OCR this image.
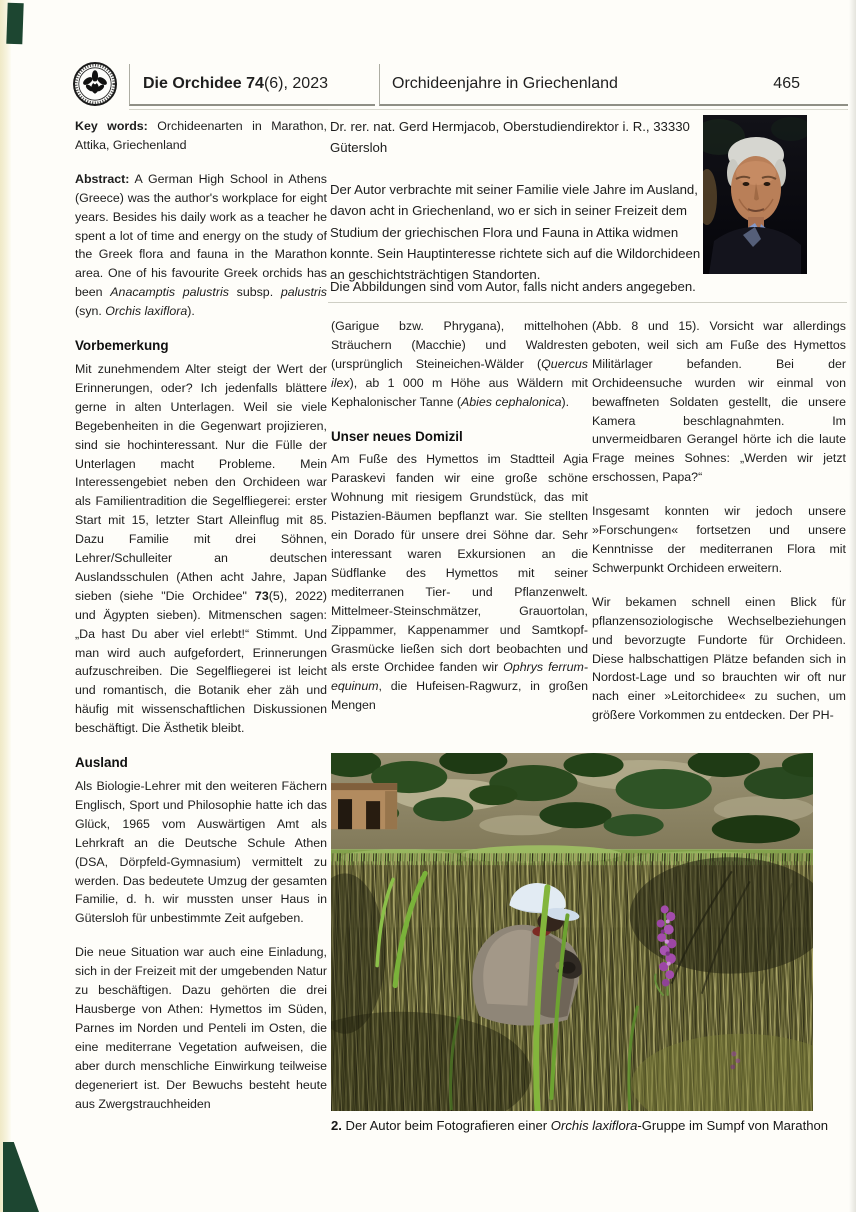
Die Orchidee 74(6), 2023	Orchideenjahre in Griechenland	465
Key words: Orchideenarten in Marathon, Attika, Griechenland
Abstract: A German High School in Athens (Greece) was the author's workplace for eight years. Besides his daily work as a teacher he spent a lot of time and energy on the study of the Greek flora and fauna in the Marathon area. One of his favourite Greek orchids has been Anacamptis palustris subsp. palustris (syn. Orchis laxiflora).
Vorbemerkung
Mit zunehmendem Alter steigt der Wert der Erinnerungen, oder? Ich jedenfalls blättere gerne in alten Unterlagen. Weil sie viele Begebenheiten in die Gegenwart projizieren, sind sie hochinteressant. Nur die Fülle der Unterlagen macht Probleme. Mein Interessengebiet neben den Orchideen war als Familientradition die Segelfliegerei: erster Start mit 15, letzter Start Alleinflug mit 85. Dazu Familie mit drei Söhnen, Lehrer/Schulleiter an deutschen Auslandsschulen (Athen acht Jahre, Japan sieben (siehe "Die Orchidee" 73(5), 2022) und Ägypten sieben). Mitmenschen sagen: „Da hast Du aber viel erlebt!“ Stimmt. Und man wird auch aufgefordert, Erinnerungen aufzuschreiben. Die Segelfliegerei ist leicht und romantisch, die Botanik eher zäh und häufig mit wissenschaftlichen Diskussionen beschäftigt. Die Ästhetik bleibt.
Ausland
Als Biologie-Lehrer mit den weiteren Fächern Englisch, Sport und Philosophie hatte ich das Glück, 1965 vom Auswärtigen Amt als Lehrkraft an die Deutsche Schule Athen (DSA, Dörpfeld-Gymnasium) vermittelt zu werden. Das bedeutete Umzug der gesamten Familie, d. h. wir mussten unser Haus in Gütersloh für unbestimmte Zeit aufgeben.
Die neue Situation war auch eine Einladung, sich in der Freizeit mit der umgebenden Natur zu beschäftigen. Dazu gehörten die drei Hausberge von Athen: Hymettos im Süden, Parnes im Norden und Penteli im Osten, die eine mediterrane Vegetation aufweisen, die aber durch menschliche Einwirkung teilweise degeneriert ist. Der Bewuchs besteht heute aus Zwergstrauchheiden
Dr. rer. nat. Gerd Hermjacob, Oberstudiendirektor i. R., 33330 Gütersloh
Der Autor verbrachte mit seiner Familie viele Jahre im Ausland, davon acht in Griechenland, wo er sich in seiner Freizeit dem Studium der griechischen Flora und Fauna in Attika widmen konnte. Sein Hauptinteresse richtete sich auf die Wildorchideen an geschichtsträchtigen Standorten.
Die Abbildungen sind vom Autor, falls nicht anders angegeben.
(Garigue bzw. Phrygana), mittelhohen Sträuchern (Macchie) und Waldresten (ursprünglich Steineichen-Wälder (Quercus ilex), ab 1 000 m Höhe aus Wäldern mit Kephalonischer Tanne (Abies cephalonica).
Unser neues Domizil
Am Fuße des Hymettos im Stadtteil Agia Paraskevi fanden wir eine große schöne Wohnung mit riesigem Grundstück, das mit Pistazien-Bäumen bepflanzt war. Sie stellten ein Dorado für unsere drei Söhne dar. Sehr interessant waren Exkursionen an die Südflanke des Hymettos mit seiner mediterranen Tier- und Pflanzenwelt. Mittelmeer-Steinschmätzer, Grauortolan, Zippammer, Kappenammer und Samtkopf-Grasmücke ließen sich dort beobachten und als erste Orchidee fanden wir Ophrys ferrum-equinum, die Hufeisen-Ragwurz, in großen Mengen
(Abb. 8 und 15). Vorsicht war allerdings geboten, weil sich am Fuße des Hymettos Militärlager befanden. Bei der Orchideensuche wurden wir einmal von bewaffneten Soldaten gestellt, die unsere Kamera beschlagnahmten. Im unvermeidbaren Gerangel hörte ich die laute Frage meines Sohnes: „Werden wir jetzt erschossen, Papa?“
Insgesamt konnten wir jedoch unsere »Forschungen« fortsetzen und unsere Kenntnisse der mediterranen Flora mit Schwerpunkt Orchideen erweitern.
Wir bekamen schnell einen Blick für pflanzensoziologische Wechselbeziehungen und bevorzugte Fundorte für Orchideen. Diese halbschattigen Plätze befanden sich in Nordost-Lage und so brauchten wir oft nur nach einer »Leitorchidee« zu suchen, um größere Vorkommen zu entdecken. Der PH-
2. Der Autor beim Fotografieren einer Orchis laxiflora-Gruppe im Sumpf von Marathon
